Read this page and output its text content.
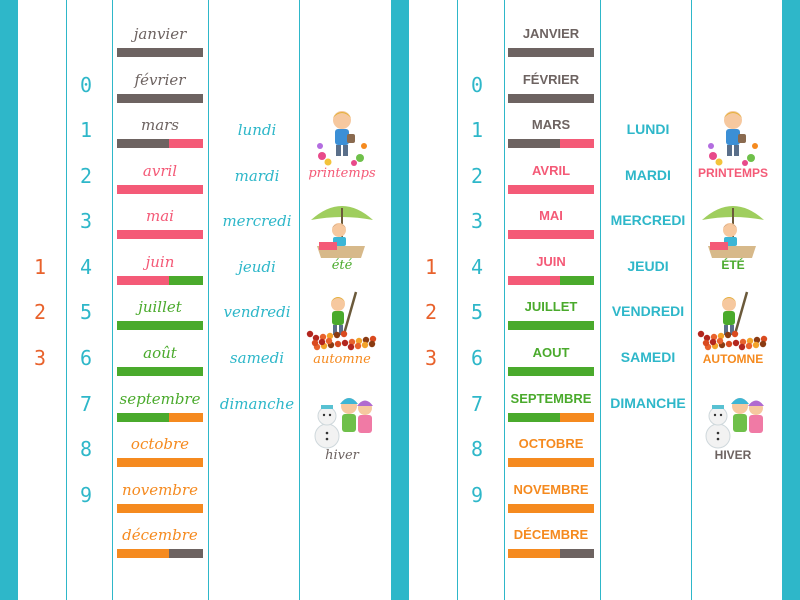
1
2
3
0
1
2
3
4
5
6
7
8
9
janvier
février
mars
avril
mai
juin
juillet
août
septembre
octobre
novembre
décembre
lundi
mardi
mercredi
jeudi
vendredi
samedi
dimanche
printemps
été
automne
hiver
1
2
3
0
1
2
3
4
5
6
7
8
9
JANVIER
FÉVRIER
MARS
AVRIL
MAI
JUIN
JUILLET
AOUT
SEPTEMBRE
OCTOBRE
NOVEMBRE
DÉCEMBRE
LUNDI
MARDI
MERCREDI
JEUDI
VENDREDI
SAMEDI
DIMANCHE
PRINTEMPS
ÉTÉ
AUTOMNE
HIVER
